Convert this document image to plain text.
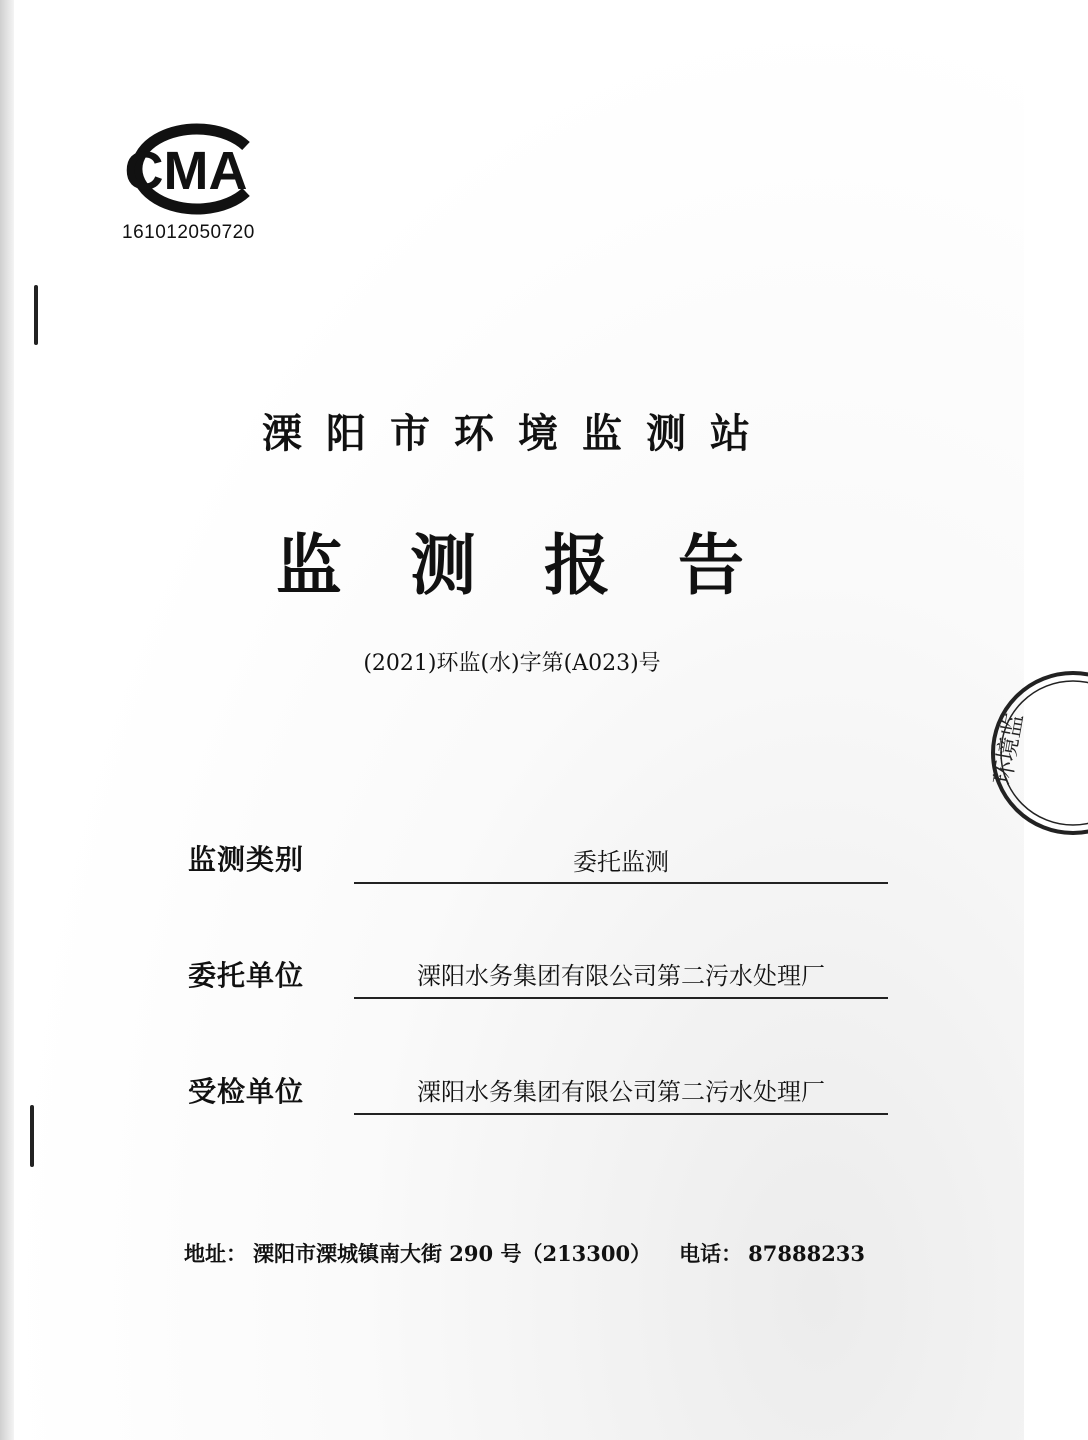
CMA
161012050720
溧阳市环境监测站
监测报告
(2021)环监(水)字第(A023)号
监测类别	委托监测
委托单位	溧阳水务集团有限公司第二污水处理厂
受检单位	溧阳水务集团有限公司第二污水处理厂
地址： 溧阳市溧城镇南大街 290 号（213300） 电话： 87888233
环境监
